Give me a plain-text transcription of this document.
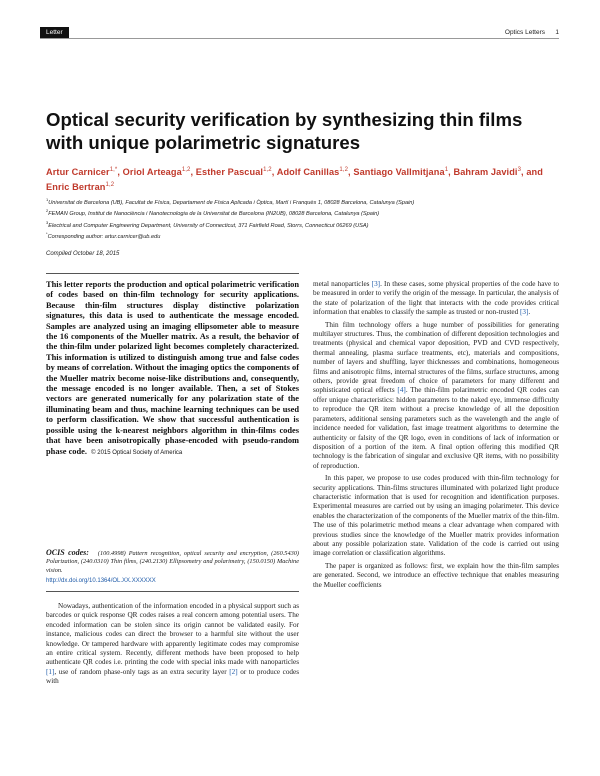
Letter	Optics Letters 1
Optical security verification by synthesizing thin films with unique polarimetric signatures
Artur Carnicer$^{1,*}$, Oriol Arteaga$^{1,2}$, Esther Pascual$^{1,2}$, Adolf Canillas$^{1,2}$, Santiago Vallmitjana$^1$, Bahram Javidi$^3$, and Enric Bertran$^{1,2}$
$^1$Universitat de Barcelona (UB), Facultat de Física, Departament de Física Aplicada i Òptica, Martí i Franquès 1, 08028 Barcelona, Catalunya (Spain)
$^2$FEMAN Group, Institut de Nanociència i Nanotecnologia de la Universitat de Barcelona (IN2UB), 08028 Barcelona, Catalunya (Spain)
$^3$Electrical and Computer Engineering Department, University of Connecticut, 371 Fairfield Road, Storrs, Connecticut 06269 (USA)
*Corresponding author: artur.carnicer@ub.edu
Compiled October 18, 2015

This letter reports the production and optical polarimetric verification of codes based on thin-film technology for security applications. Because thin-film structures display distinctive polarization signatures, this data is used to authenticate the message encoded. Samples are analyzed using an imaging ellipsometer able to measure the 16 components of the Mueller matrix. As a result, the behavior of the thin-film under polarized light becomes completely characterized. This information is utilized to distinguish among true and false codes by means of correlation. Without the imaging optics the components of the Mueller matrix become noise-like distributions and, consequently, the message encoded is no longer available. Then, a set of Stokes vectors are generated numerically for any polarization state of the illuminating beam and thus, machine learning techniques can be used to perform classification. We show that successful authentication is possible using the k-nearest neighbors algorithm in thin-films codes that have been anisotropically phase-encoded with pseudo-random phase code. © 2015 Optical Society of America

OCIS codes: (100.4998) Pattern recognition, optical security and encryption, (260.5430) Polarization, (240.0310) Thin films, (240.2130) Ellipsometry and polarimetry, (150.0150) Machine vision.

http://dx.doi.org/10.1364/OL.XX.XXXXXX

Nowadays, authentication of the information encoded in a physical support such as barcodes or quick response QR codes raises a real concern among potential users. The encoded information can be stolen since its origin cannot be validated easily. For instance, malicious codes can direct the browser to a harmful site without the user knowledge. Or tampered hardware with apparently legitimate codes may compromise an entire critical system. Recently, different methods have been proposed to help authenticate QR codes i.e. printing the code with special inks made with nanoparticles [1], use of random phase-only tags as an extra security layer [2] or to produce codes with

metal nanoparticles [3]. In these cases, some physical properties of the code have to be measured in order to verify the origin of the message. In particular, the analysis of the state of polarization of the light that interacts with the code provides critical information that enables to classify the sample as trusted or non-trusted [3].

Thin film technology offers a huge number of possibilities for generating multilayer structures. Thus, the combination of different deposition technologies and treatments (physical and chemical vapor deposition, PVD and CVD respectively, thermal annealing, plasma surface treatments, etc), materials and compositions, number of layers and shuffling, layer thicknesses and combinations, homogeneous films and anisotropic films, internal structures of the films, surface structures, among others, provide great freedom of choice of parameters for many different and sophisticated optical effects [4]. The thin-film polarimetric encoded QR codes can offer unique characteristics: hidden parameters to the naked eye, immense difficulty to reproduce the QR item without a precise knowledge of all the deposition parameters, additional sensing parameters such as the wavelength and the angle of incidence needed for validation, fast image treatment algorithms to determine the authenticity or falsity of the QR logo, even in conditions of lack of information or disposition of a portion of the item. A final option offering this modified QR technology is the fabrication of singular and exclusive QR items, with no possibility of reproduction.

In this paper, we propose to use codes produced with thin-film technology for security applications. Thin-films structures illuminated with polarized light produce characteristic information that is used for recognition and identification purposes. Experimental measures are carried out by using an imaging polarimeter. This device enables the characterization of the components of the Mueller matrix of the thin-film. The use of this polarimetric method means a clear advantage when compared with previous studies since the knowledge of the Mueller matrix provides information about any possible polarization state. Validation of the code is carried out using image correlation or classification algorithms.

The paper is organized as follows: first, we explain how the thin-film samples are generated. Second, we introduce an effective technique that enables measuring the Mueller coefficients
